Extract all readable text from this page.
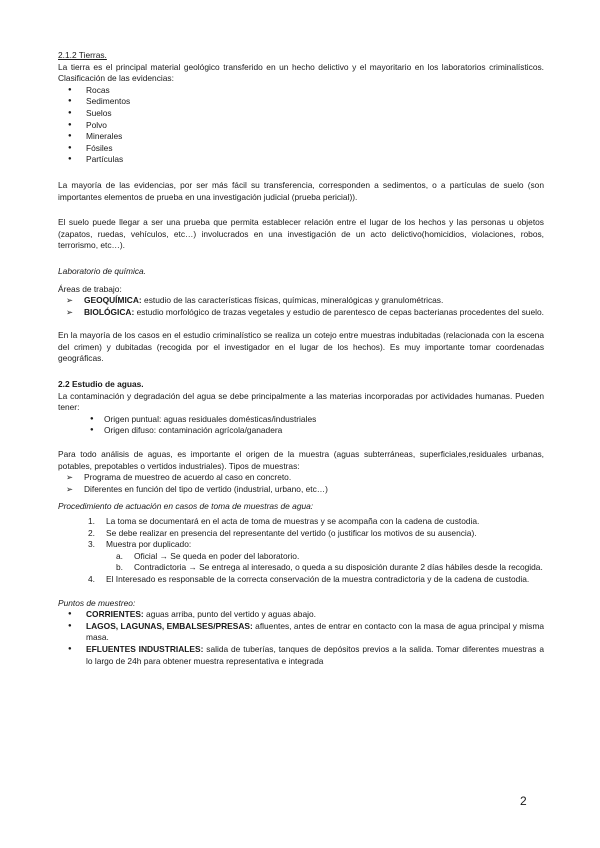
2.1.2 Tierras.

La tierra es el principal material geológico transferido en un hecho delictivo y el mayoritario en los laboratorios criminalísticos. Clasificación de las evidencias:

● Rocas
● Sedimentos
● Suelos
● Polvo
● Minerales
● Fósiles
● Partículas

La mayoría de las evidencias, por ser más fácil su transferencia, corresponden a sedimentos, o a partículas de suelo (son importantes elementos de prueba en una investigación judicial (prueba pericial)).

El suelo puede llegar a ser una prueba que permita establecer relación entre el lugar de los hechos y las personas u objetos (zapatos, ruedas, vehículos, etc…) involucrados en una investigación de un acto delictivo(homicidios, violaciones, robos, terrorismo, etc…).

Laboratorio de química.

Áreas de trabajo:

➢ GEOQUÍMICA: estudio de las características físicas, químicas, mineralógicas y granulométricas.
➢ BIOLÓGICA: estudio morfológico de trazas vegetales y estudio de parentesco de cepas bacterianas procedentes del suelo.

En la mayoría de los casos en el estudio criminalístico se realiza un cotejo entre muestras indubitadas (relacionada con la escena del crimen) y dubitadas (recogida por el investigador en el lugar de los hechos). Es muy importante tomar coordenadas geográficas.

2.2 Estudio de aguas.

La contaminación y degradación del agua se debe principalmente a las materias incorporadas por actividades humanas. Pueden tener:

● Origen puntual: aguas residuales domésticas/industriales
● Origen difuso: contaminación agrícola/ganadera

Para todo análisis de aguas, es importante el origen de la muestra (aguas subterráneas, superficiales,residuales urbanas, potables, prepotables o vertidos industriales). Tipos de muestras:

➢ Programa de muestreo de acuerdo al caso en concreto.
➢ Diferentes en función del tipo de vertido (industrial, urbano, etc…)

Procedimiento de actuación en casos de toma de muestras de agua:

1. La toma se documentará en el acta de toma de muestras y se acompaña con la cadena de custodia.
2. Se debe realizar en presencia del representante del vertido (o justificar los motivos de su ausencia).
3. Muestra por duplicado:
a. Oficial → Se queda en poder del laboratorio.
b. Contradictoria → Se entrega al interesado, o queda a su disposición durante 2 días hábiles desde la recogida.
4. El Interesado es responsable de la correcta conservación de la muestra contradictoria y de la cadena de custodia.

Puntos de muestreo:

● CORRIENTES: aguas arriba, punto del vertido y aguas abajo.
● LAGOS, LAGUNAS, EMBALSES/PRESAS: afluentes, antes de entrar en contacto con la masa de agua principal y misma masa.
● EFLUENTES INDUSTRIALES: salida de tuberías, tanques de depósitos previos a la salida. Tomar diferentes muestras a lo largo de 24h para obtener muestra representativa e integrada
2
